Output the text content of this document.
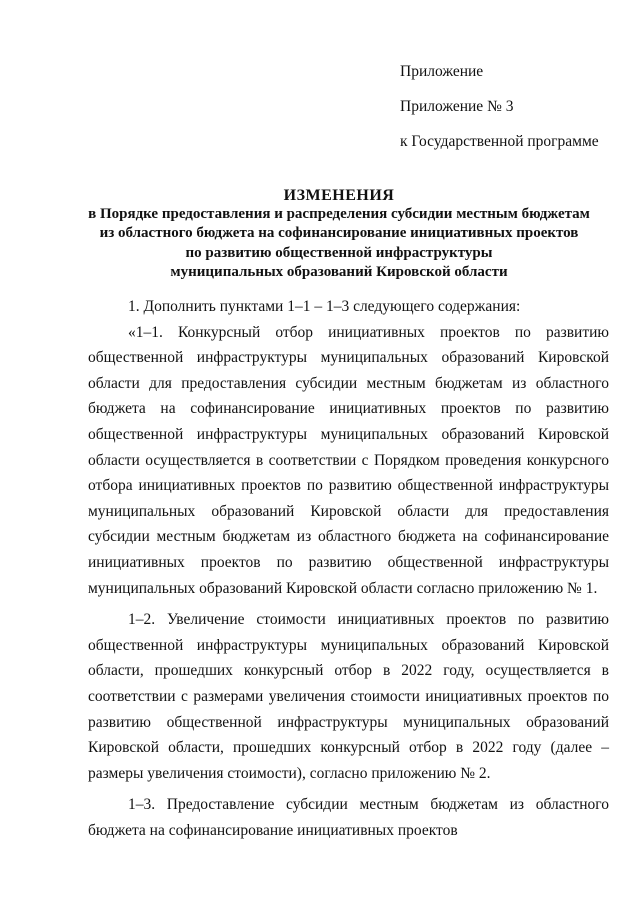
Приложение
Приложение № 3
к Государственной программе
ИЗМЕНЕНИЯ
в Порядке предоставления и распределения субсидии местным бюджетам
из областного бюджета на софинансирование инициативных проектов
по развитию общественной инфраструктуры
муниципальных образований Кировской области

1. Дополнить пунктами 1–1 – 1–3 следующего содержания:

«1–1. Конкурсный отбор инициативных проектов по развитию общественной инфраструктуры муниципальных образований Кировской области для предоставления субсидии местным бюджетам из областного бюджета на софинансирование инициативных проектов по развитию общественной инфраструктуры муниципальных образований Кировской области осуществляется в соответствии с Порядком проведения конкурсного отбора инициативных проектов по развитию общественной инфраструктуры муниципальных образований Кировской области для предоставления субсидии местным бюджетам из областного бюджета на софинансирование инициативных проектов по развитию общественной инфраструктуры муниципальных образований Кировской области согласно приложению № 1.

1–2. Увеличение стоимости инициативных проектов по развитию общественной инфраструктуры муниципальных образований Кировской области, прошедших конкурсный отбор в 2022 году, осуществляется в соответствии с размерами увеличения стоимости инициативных проектов по развитию общественной инфраструктуры муниципальных образований Кировской области, прошедших конкурсный отбор в 2022 году (далее – размеры увеличения стоимости), согласно приложению № 2.

1–3. Предоставление субсидии местным бюджетам из областного бюджета на софинансирование инициативных проектов
